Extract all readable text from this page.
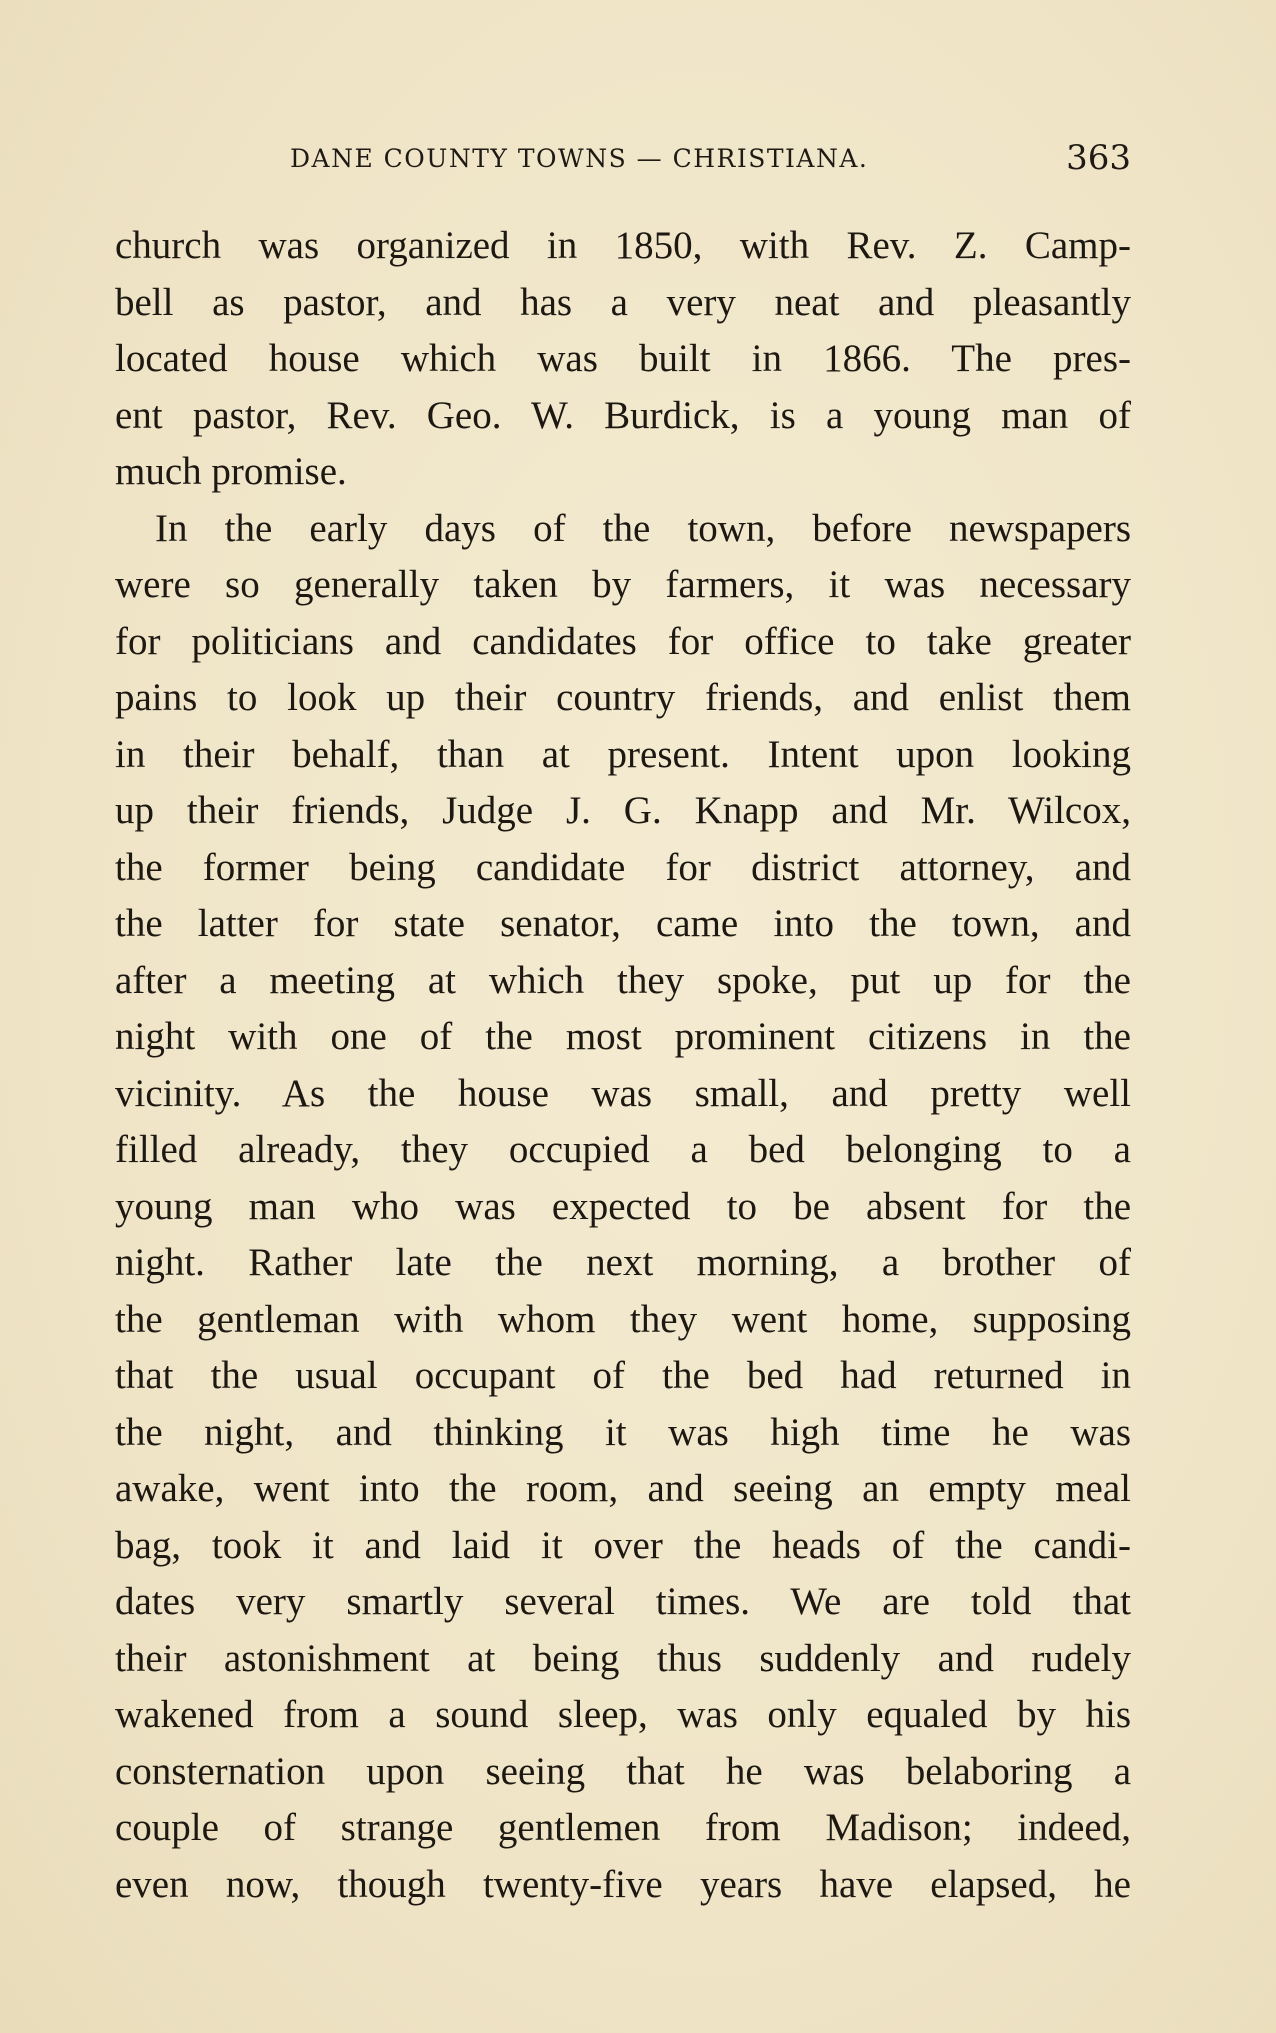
DANE COUNTY TOWNS — CHRISTIANA.	363
church was organized in 1850, with Rev. Z. Camp-
bell as pastor, and has a very neat and pleasantly
located house which was built in 1866. The pres-
ent pastor, Rev. Geo. W. Burdick, is a young man of
much promise.
In the early days of the town, before newspapers
were so generally taken by farmers, it was necessary
for politicians and candidates for office to take greater
pains to look up their country friends, and enlist them
in their behalf, than at present. Intent upon looking
up their friends, Judge J. G. Knapp and Mr. Wilcox,
the former being candidate for district attorney, and
the latter for state senator, came into the town, and
after a meeting at which they spoke, put up for the
night with one of the most prominent citizens in the
vicinity. As the house was small, and pretty well
filled already, they occupied a bed belonging to a
young man who was expected to be absent for the
night. Rather late the next morning, a brother of
the gentleman with whom they went home, supposing
that the usual occupant of the bed had returned in
the night, and thinking it was high time he was
awake, went into the room, and seeing an empty meal
bag, took it and laid it over the heads of the candi-
dates very smartly several times. We are told that
their astonishment at being thus suddenly and rudely
wakened from a sound sleep, was only equaled by his
consternation upon seeing that he was belaboring a
couple of strange gentlemen from Madison; indeed,
even now, though twenty-five years have elapsed, he
